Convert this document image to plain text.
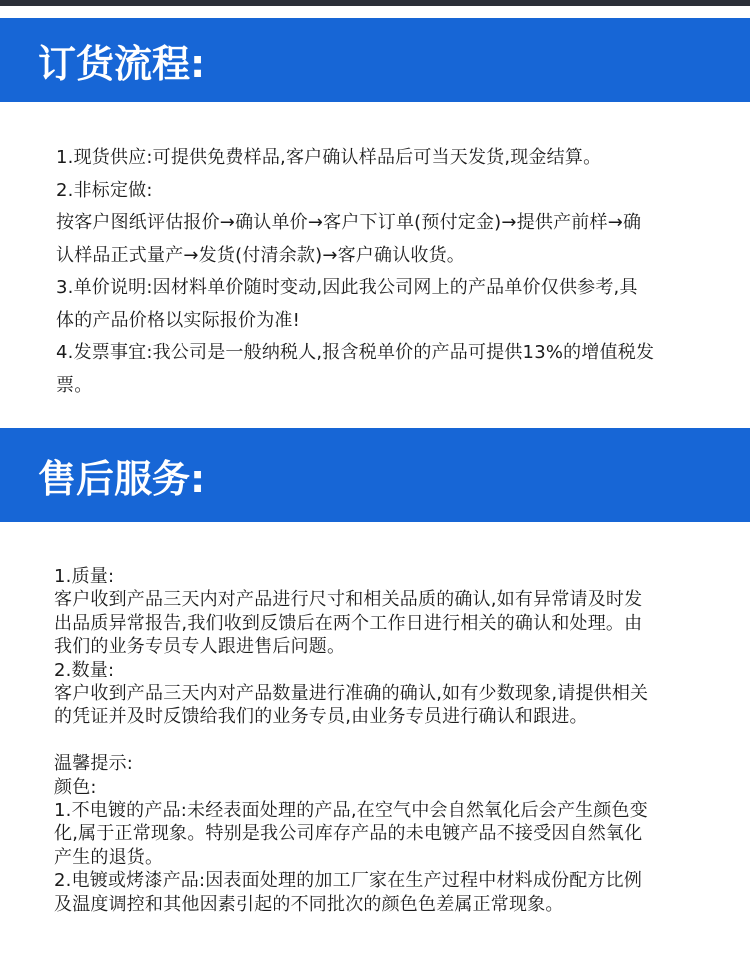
订货流程:
1.现货供应:可提供免费样品,客户确认样品后可当天发货,现金结算。
2.非标定做:
按客户图纸评估报价→确认单价→客户下订单(预付定金)→提供产前样→确
认样品正式量产→发货(付清余款)→客户确认收货。
3.单价说明:因材料单价随时变动,因此我公司网上的产品单价仅供参考,具
体的产品价格以实际报价为准!
4.发票事宜:我公司是一般纳税人,报含税单价的产品可提供13%的增值税发
票。
售后服务:
1.质量:
客户收到产品三天内对产品进行尺寸和相关品质的确认,如有异常请及时发
出品质异常报告,我们收到反馈后在两个工作日进行相关的确认和处理。由
我们的业务专员专人跟进售后问题。
2.数量:
客户收到产品三天内对产品数量进行准确的确认,如有少数现象,请提供相关
的凭证并及时反馈给我们的业务专员,由业务专员进行确认和跟进。
温馨提示:
颜色:
1.不电镀的产品:未经表面处理的产品,在空气中会自然氧化后会产生颜色变
化,属于正常现象。特别是我公司库存产品的未电镀产品不接受因自然氧化
产生的退货。
2.电镀或烤漆产品:因表面处理的加工厂家在生产过程中材料成份配方比例
及温度调控和其他因素引起的不同批次的颜色色差属正常现象。
